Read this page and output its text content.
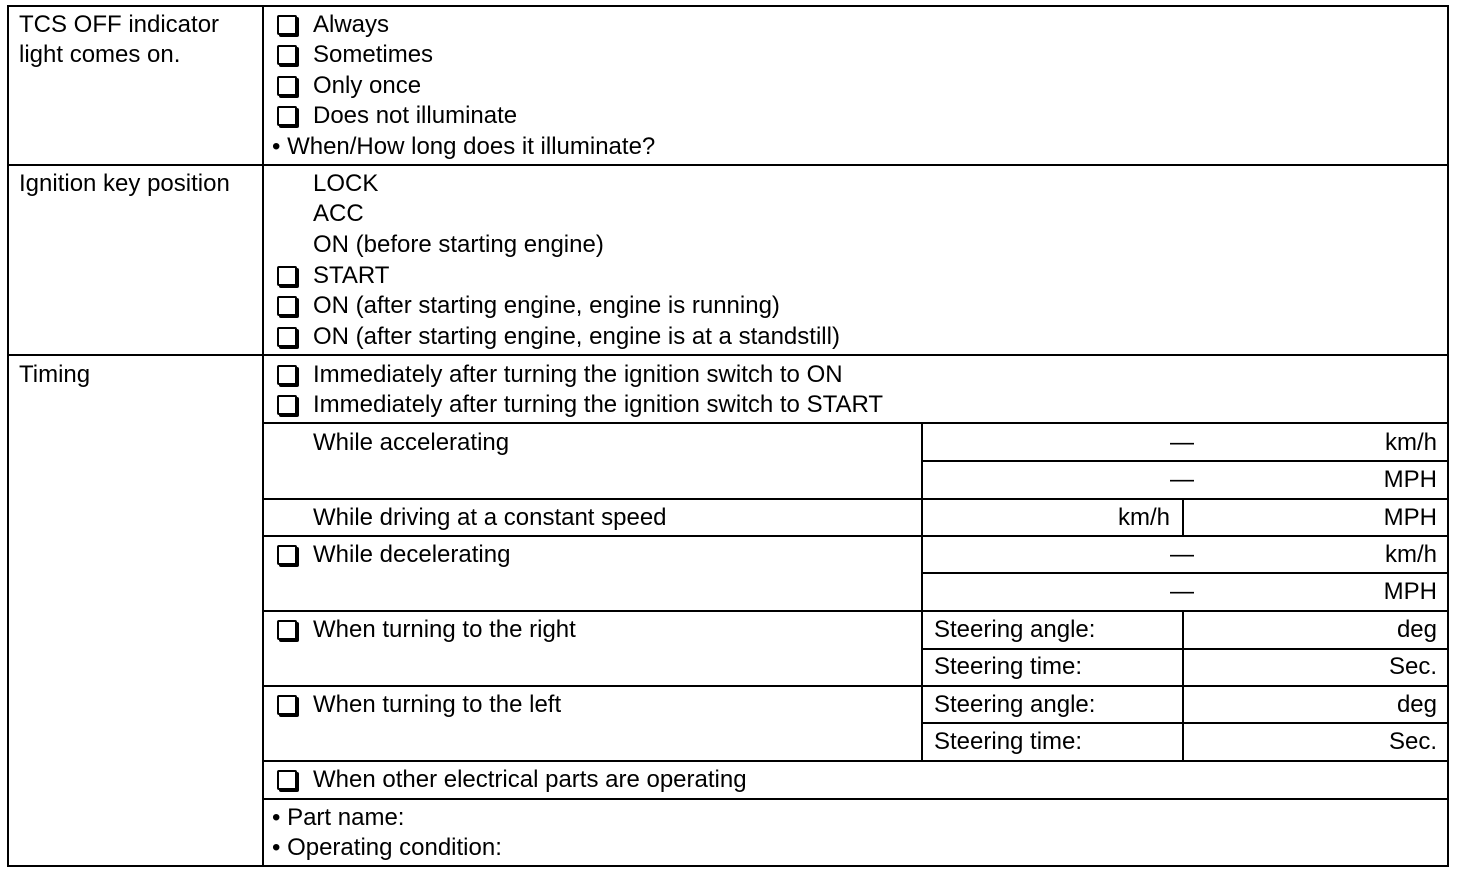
TCS OFF indicator
light comes on.
Always
Sometimes
Only once
Does not illuminate
• When/How long does it illuminate?
Ignition key position	LOCK
ACC
ON (before starting engine)
START
ON (after starting engine, engine is running)
ON (after starting engine, engine is at a standstill)
Timing	Immediately after turning the ignition switch to ON
Immediately after turning the ignition switch to START
While accelerating	—	km/h
—	MPH
While driving at a constant speed	km/h	MPH
While decelerating	—	km/h
—	MPH
When turning to the right	Steering angle:	deg
Steering time:	Sec.
When turning to the left	Steering angle:	deg
Steering time:	Sec.
When other electrical parts are operating
• Part name:
• Operating condition:
